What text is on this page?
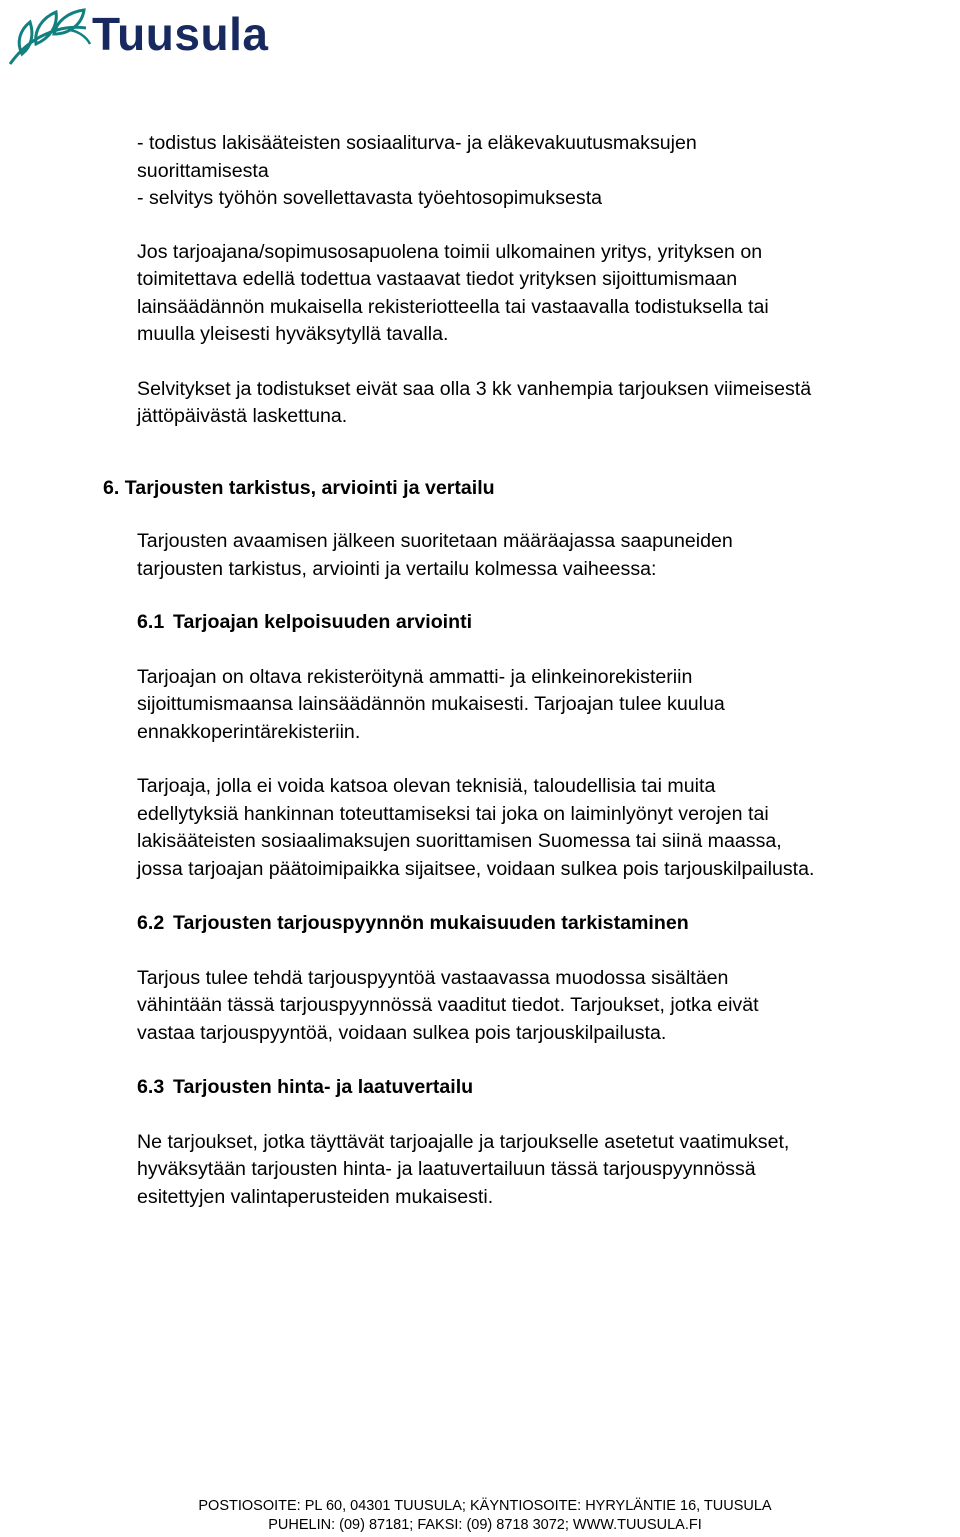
Tuusula

- todistus lakisääteisten sosiaaliturva- ja eläkevakuutusmaksujen

suorittamisesta

- selvitys työhön sovellettavasta työehtosopimuksesta

Jos tarjoajana/sopimusosapuolena toimii ulkomainen yritys, yrityksen on

toimitettava edellä todettua vastaavat tiedot yrityksen sijoittumismaan

lainsäädännön mukaisella rekisteriotteella tai vastaavalla todistuksella tai

muulla yleisesti hyväksytyllä tavalla.

Selvitykset ja todistukset eivät saa olla 3 kk vanhempia tarjouksen viimeisestä

jättöpäivästä laskettuna.

6. Tarjousten tarkistus, arviointi ja vertailu

Tarjousten avaamisen jälkeen suoritetaan määräajassa saapuneiden

tarjousten tarkistus, arviointi ja vertailu kolmessa vaiheessa:

6.1 Tarjoajan kelpoisuuden arviointi

Tarjoajan on oltava rekisteröitynä ammatti- ja elinkeinorekisteriin

sijoittumismaansa lainsäädännön mukaisesti. Tarjoajan tulee kuulua

ennakkoperintärekisteriin.

Tarjoaja, jolla ei voida katsoa olevan teknisiä, taloudellisia tai muita

edellytyksiä hankinnan toteuttamiseksi tai joka on laiminlyönyt verojen tai

lakisääteisten sosiaalimaksujen suorittamisen Suomessa tai siinä maassa,

jossa tarjoajan päätoimipaikka sijaitsee, voidaan sulkea pois tarjouskilpailusta.

6.2 Tarjousten tarjouspyynnön mukaisuuden tarkistaminen

Tarjous tulee tehdä tarjouspyyntöä vastaavassa muodossa sisältäen

vähintään tässä tarjouspyynnössä vaaditut tiedot. Tarjoukset, jotka eivät

vastaa tarjouspyyntöä, voidaan sulkea pois tarjouskilpailusta.

6.3 Tarjousten hinta- ja laatuvertailu

Ne tarjoukset, jotka täyttävät tarjoajalle ja tarjoukselle asetetut vaatimukset,

hyväksytään tarjousten hinta- ja laatuvertailuun tässä tarjouspyynnössä

esitettyjen valintaperusteiden mukaisesti.

POSTIOSOITE: PL 60, 04301 TUUSULA; KÄYNTIOSOITE: HYRYLÄNTIE 16, TUUSULA
PUHELIN: (09) 87181; FAKSI: (09) 8718 3072; WWW.TUUSULA.FI
